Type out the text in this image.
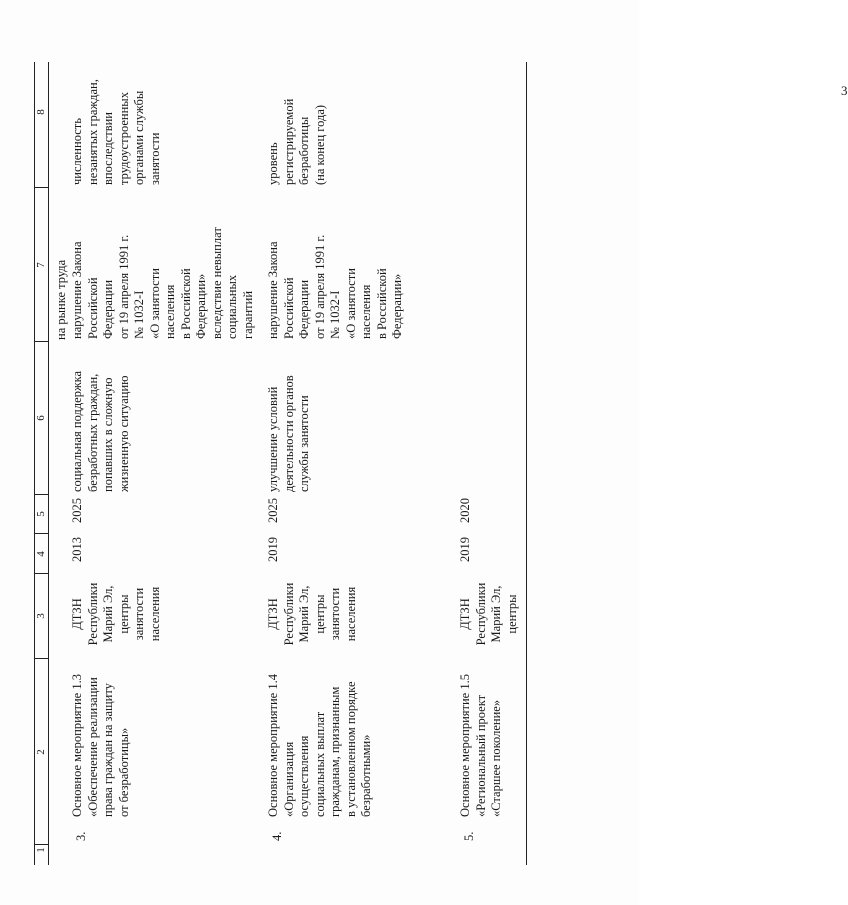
3
1
2
3
4
5
6
7
8
на рынке труда
3.
Основное мероприятие 1.3
«Обеспечение реализации
права граждан на защиту
от безработицы»
ДТЗН
Республики
Марий Эл,
центры
занятости
населения
2013
2025
социальная поддержка
безработных граждан,
попавших в сложную
жизненную ситуацию
нарушение Закона
Российской
Федерации
от 19 апреля 1991 г.
№ 1032-I
«О занятости
населения
в Российской
Федерации»
вследствие невыплат
социальных
гарантий
численность
незанятых граждан,
впоследствии
трудоустроенных
органами службы
занятости
4.
Основное мероприятие 1.4
«Организация осуществления
социальных выплат
гражданам, признанным
в установленном порядке
безработными»
ДТЗН
Республики
Марий Эл,
центры
занятости
населения
2019
2025
улучшение условий
деятельности органов
службы занятости
нарушение Закона
Российской
Федерации
от 19 апреля 1991 г.
№ 1032-I
«О занятости
населения
в Российской
Федерации»
уровень
регистрируемой
безработицы
(на конец года)
5.
Основное мероприятие 1.5
«Региональный проект
«Старшее поколение»
ДТЗН
Республики
Марий Эл,
центры
2019
2020
